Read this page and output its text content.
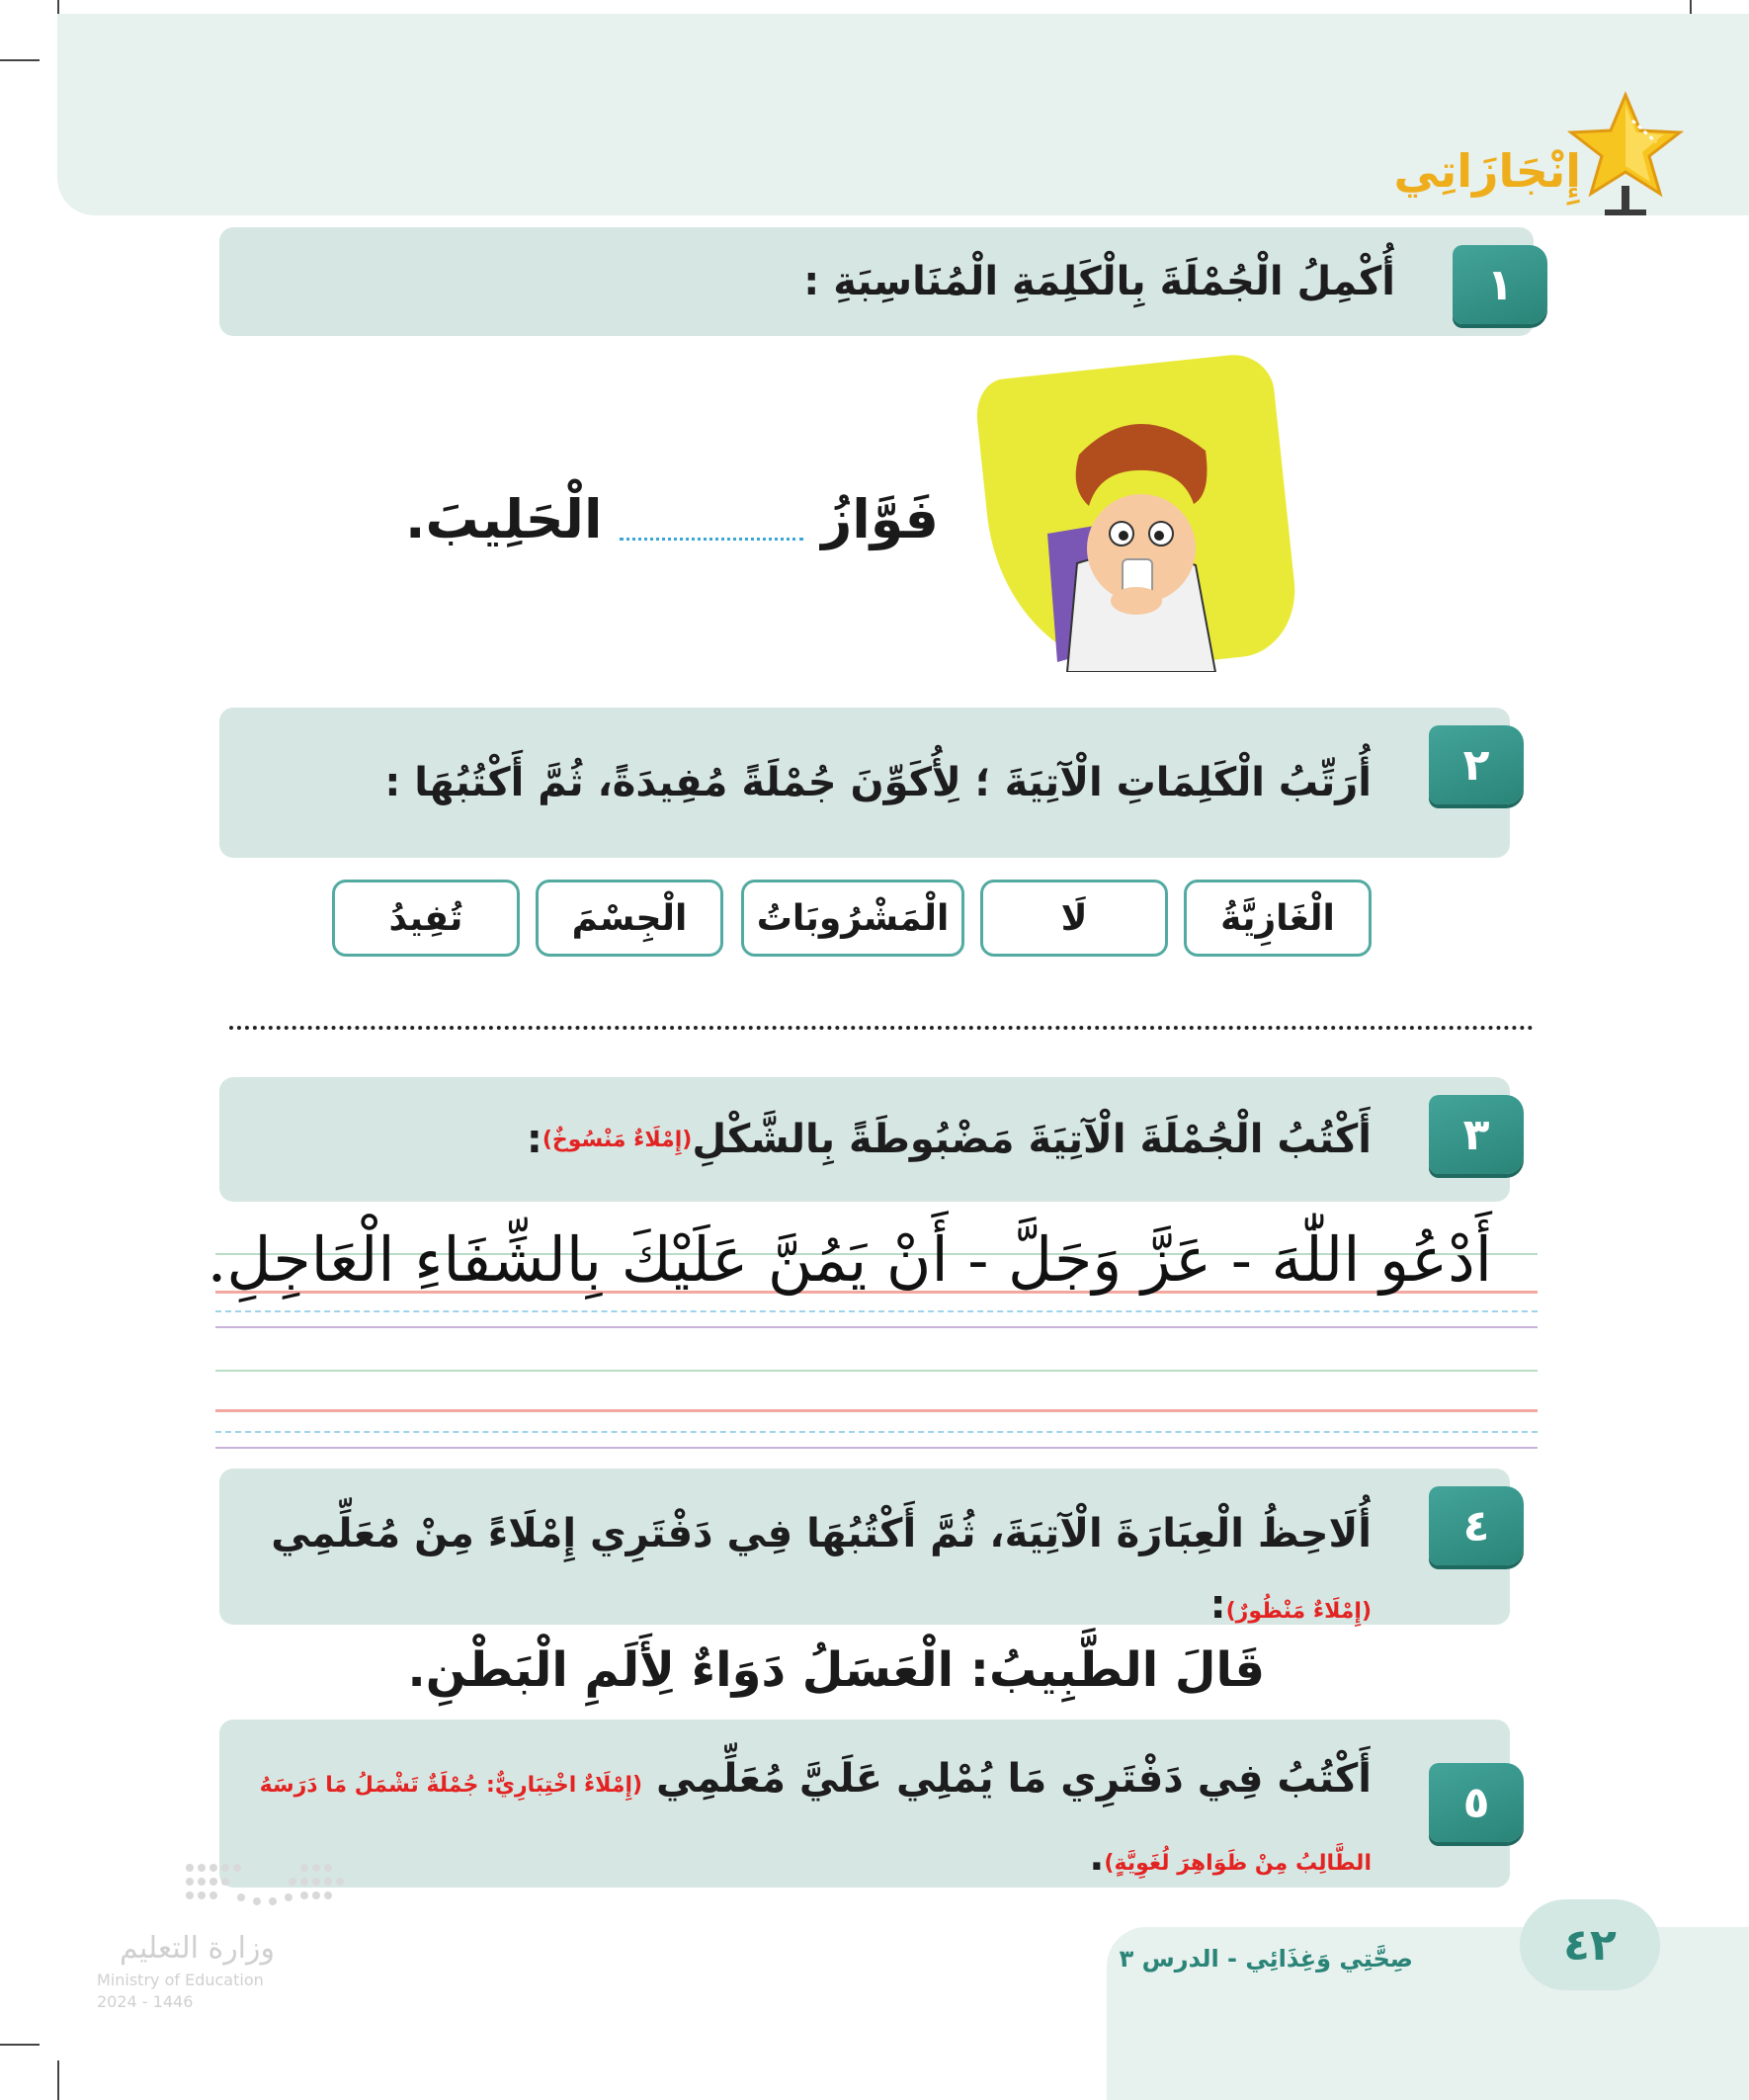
إِنْجَازَاتِي
١
أُكْمِلُ الْجُمْلَةَ بِالْكَلِمَةِ الْمُنَاسِبَةِ :
فَوَّازُ
الْحَلِيبَ.
٢
أُرَتِّبُ الْكَلِمَاتِ الْآتِيَةَ ؛ لِأُكَوِّنَ جُمْلَةً مُفِيدَةً، ثُمَّ أَكْتُبُهَا :
الْغَازِيَّةُ
لَا
الْمَشْرُوبَاتُ
الْجِسْمَ
تُفِيدُ
٣
أَكْتُبُ الْجُمْلَةَ الْآتِيَةَ مَضْبُوطَةً بِالشَّكْلِ
(إِمْلَاءٌ مَنْسُوخٌ)
:
أَدْعُو اللّٰهَ - عَزَّ وَجَلَّ - أَنْ يَمُنَّ عَلَيْكَ بِالشِّفَاءِ الْعَاجِلِ.
٤
أُلَاحِظُ الْعِبَارَةَ الْآتِيَةَ، ثُمَّ أَكْتُبُهَا فِي دَفْتَرِي إِمْلَاءً مِنْ مُعَلِّمِي (إِمْلَاءٌ مَنْظُورٌ):
قَالَ الطَّبِيبُ: الْعَسَلُ دَوَاءٌ لِأَلَمِ الْبَطْنِ.
٥
أَكْتُبُ فِي دَفْتَرِي مَا يُمْلِي عَلَيَّ مُعَلِّمِي (إِمْلَاءٌ اخْتِبَارِيٌّ: جُمْلَةٌ تَشْمَلُ مَا دَرَسَهُ الطَّالِبُ مِنْ ظَوَاهِرَ لُغَوِيَّةٍ).
وزارة التعليم
Ministry of Education
2024 - 1446
صِحَّتِي وَغِذَائِي - الدرس ٣	٤٢
